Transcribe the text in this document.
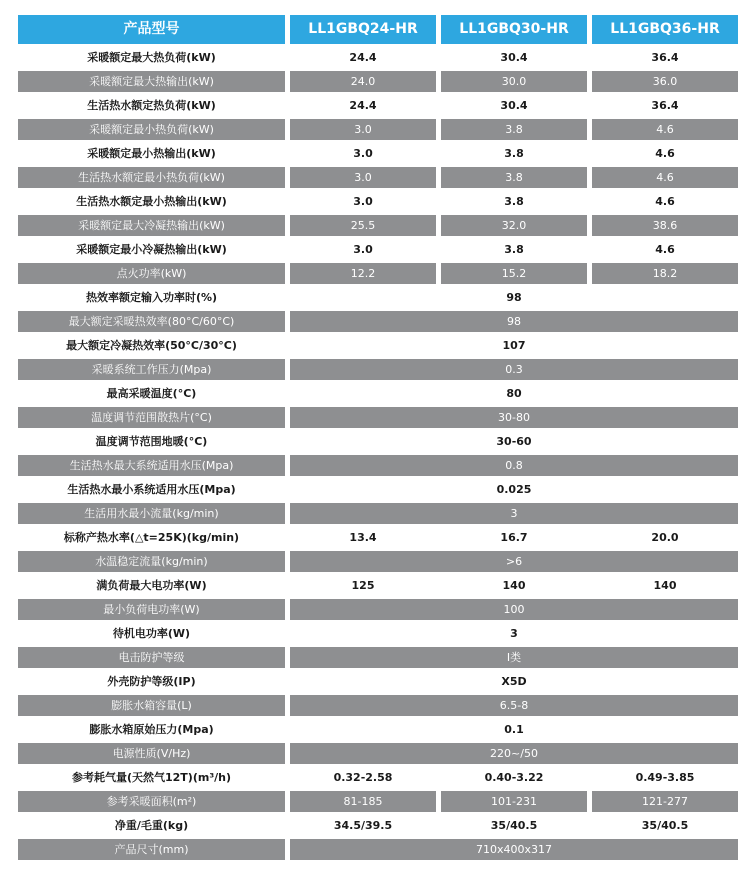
产品型号	LL1GBQ24-HR	LL1GBQ30-HR	LL1GBQ36-HR
采暖额定最大热负荷(kW)	24.4	30.4	36.4
采暖额定最大热输出(kW)	24.0	30.0	36.0
生活热水额定热负荷(kW)	24.4	30.4	36.4
采暖额定最小热负荷(kW)	3.0	3.8	4.6
采暖额定最小热输出(kW)	3.0	3.8	4.6
生活热水额定最小热负荷(kW)	3.0	3.8	4.6
生活热水额定最小热输出(kW)	3.0	3.8	4.6
采暖额定最大冷凝热输出(kW)	25.5	32.0	38.6
采暖额定最小冷凝热输出(kW)	3.0	3.8	4.6
点火功率(kW)	12.2	15.2	18.2
热效率额定输入功率时(%)	98
最大额定采暖热效率(80°C/60°C)	98
最大额定冷凝热效率(50°C/30°C)	107
采暖系统工作压力(Mpa)	0.3
最高采暖温度(°C)	80
温度调节范围散热片(°C)	30-80
温度调节范围地暖(°C)	30-60
生活热水最大系统适用水压(Mpa)	0.8
生活热水最小系统适用水压(Mpa)	0.025
生活用水最小流量(kg/min)	3
标称产热水率(△t=25K)(kg/min)	13.4	16.7	20.0
水温稳定流量(kg/min)	>6
满负荷最大电功率(W)	125	140	140
最小负荷电功率(W)	100
待机电功率(W)	3
电击防护等级	I类
外壳防护等级(IP)	X5D
膨胀水箱容量(L)	6.5-8
膨胀水箱原始压力(Mpa)	0.1
电源性质(V/Hz)	220~/50
参考耗气量(天然气12T)(m³/h)	0.32-2.58	0.40-3.22	0.49-3.85
参考采暖面积(m²)	81-185	101-231	121-277
净重/毛重(kg)	34.5/39.5	35/40.5	35/40.5
产品尺寸(mm)	710x400x317
